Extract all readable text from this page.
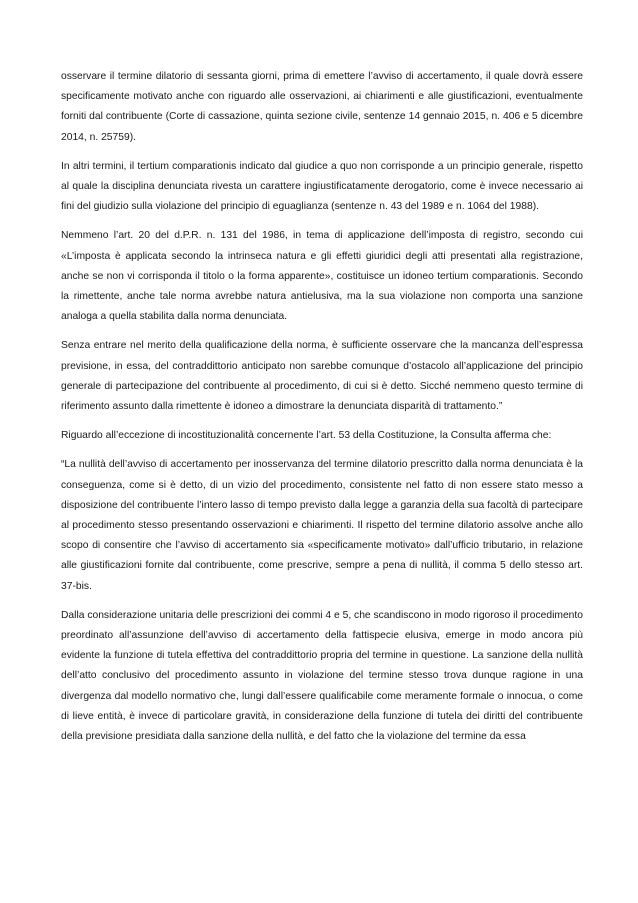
osservare il termine dilatorio di sessanta giorni, prima di emettere l’avviso di accertamento, il quale dovrà essere specificamente motivato anche con riguardo alle osservazioni, ai chiarimenti e alle giustificazioni, eventualmente forniti dal contribuente (Corte di cassazione, quinta sezione civile, sentenze 14 gennaio 2015, n. 406 e 5 dicembre 2014, n. 25759).

In altri termini, il tertium comparationis indicato dal giudice a quo non corrisponde a un principio generale, rispetto al quale la disciplina denunciata rivesta un carattere ingiustificatamente derogatorio, come è invece necessario ai fini del giudizio sulla violazione del principio di eguaglianza (sentenze n. 43 del 1989 e n. 1064 del 1988).

Nemmeno l’art. 20 del d.P.R. n. 131 del 1986, in tema di applicazione dell’imposta di registro, secondo cui «L’imposta è applicata secondo la intrinseca natura e gli effetti giuridici degli atti presentati alla registrazione, anche se non vi corrisponda il titolo o la forma apparente», costituisce un idoneo tertium comparationis. Secondo la rimettente, anche tale norma avrebbe natura antielusiva, ma la sua violazione non comporta una sanzione analoga a quella stabilita dalla norma denunciata.

Senza entrare nel merito della qualificazione della norma, è sufficiente osservare che la mancanza dell’espressa previsione, in essa, del contraddittorio anticipato non sarebbe comunque d’ostacolo all’applicazione del principio generale di partecipazione del contribuente al procedimento, di cui si è detto. Sicché nemmeno questo termine di riferimento assunto dalla rimettente è idoneo a dimostrare la denunciata disparità di trattamento.”

Riguardo all’eccezione di incostituzionalità concernente l’art. 53 della Costituzione, la Consulta afferma che:

“La nullità dell’avviso di accertamento per inosservanza del termine dilatorio prescritto dalla norma denunciata è la conseguenza, come si è detto, di un vizio del procedimento, consistente nel fatto di non essere stato messo a disposizione del contribuente l’intero lasso di tempo previsto dalla legge a garanzia della sua facoltà di partecipare al procedimento stesso presentando osservazioni e chiarimenti. Il rispetto del termine dilatorio assolve anche allo scopo di consentire che l’avviso di accertamento sia «specificamente motivato» dall’ufficio tributario, in relazione alle giustificazioni fornite dal contribuente, come prescrive, sempre a pena di nullità, il comma 5 dello stesso art. 37-bis.

Dalla considerazione unitaria delle prescrizioni dei commi 4 e 5, che scandiscono in modo rigoroso il procedimento preordinato all’assunzione dell’avviso di accertamento della fattispecie elusiva, emerge in modo ancora più evidente la funzione di tutela effettiva del contraddittorio propria del termine in questione. La sanzione della nullità dell’atto conclusivo del procedimento assunto in violazione del termine stesso trova dunque ragione in una divergenza dal modello normativo che, lungi dall’essere qualificabile come meramente formale o innocua, o come di lieve entità, è invece di particolare gravità, in considerazione della funzione di tutela dei diritti del contribuente della previsione presidiata dalla sanzione della nullità, e del fatto che la violazione del termine da essa
